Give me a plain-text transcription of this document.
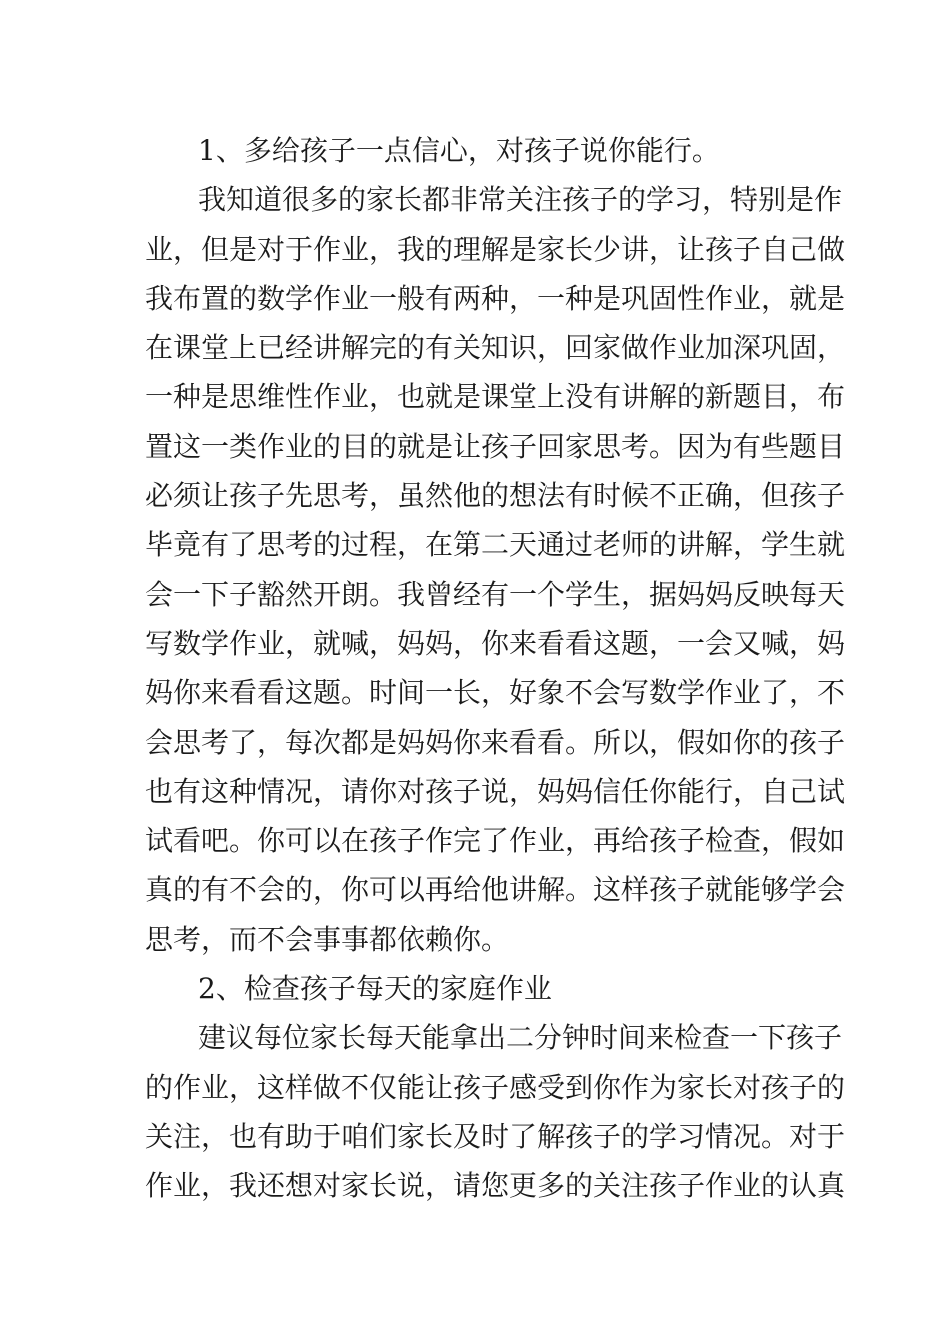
1、多给孩子一点信心，对孩子说你能行。
我知道很多的家长都非常关注孩子的学习，特别是作
业，但是对于作业，我的理解是家长少讲，让孩子自己做
我布置的数学作业一般有两种，一种是巩固性作业，就是
在课堂上已经讲解完的有关知识，回家做作业加深巩固，
一种是思维性作业，也就是课堂上没有讲解的新题目，布
置这一类作业的目的就是让孩子回家思考。因为有些题目
必须让孩子先思考，虽然他的想法有时候不正确，但孩子
毕竟有了思考的过程，在第二天通过老师的讲解，学生就
会一下子豁然开朗。我曾经有一个学生，据妈妈反映每天
写数学作业，就喊，妈妈，你来看看这题，一会又喊，妈
妈你来看看这题。时间一长，好象不会写数学作业了，不
会思考了，每次都是妈妈你来看看。所以，假如你的孩子
也有这种情况，请你对孩子说，妈妈信任你能行，自己试
试看吧。你可以在孩子作完了作业，再给孩子检查，假如
真的有不会的，你可以再给他讲解。这样孩子就能够学会
思考，而不会事事都依赖你。
2、检查孩子每天的家庭作业
建议每位家长每天能拿出二分钟时间来检查一下孩子
的作业，这样做不仅能让孩子感受到你作为家长对孩子的
关注，也有助于咱们家长及时了解孩子的学习情况。对于
作业，我还想对家长说，请您更多的关注孩子作业的认真
